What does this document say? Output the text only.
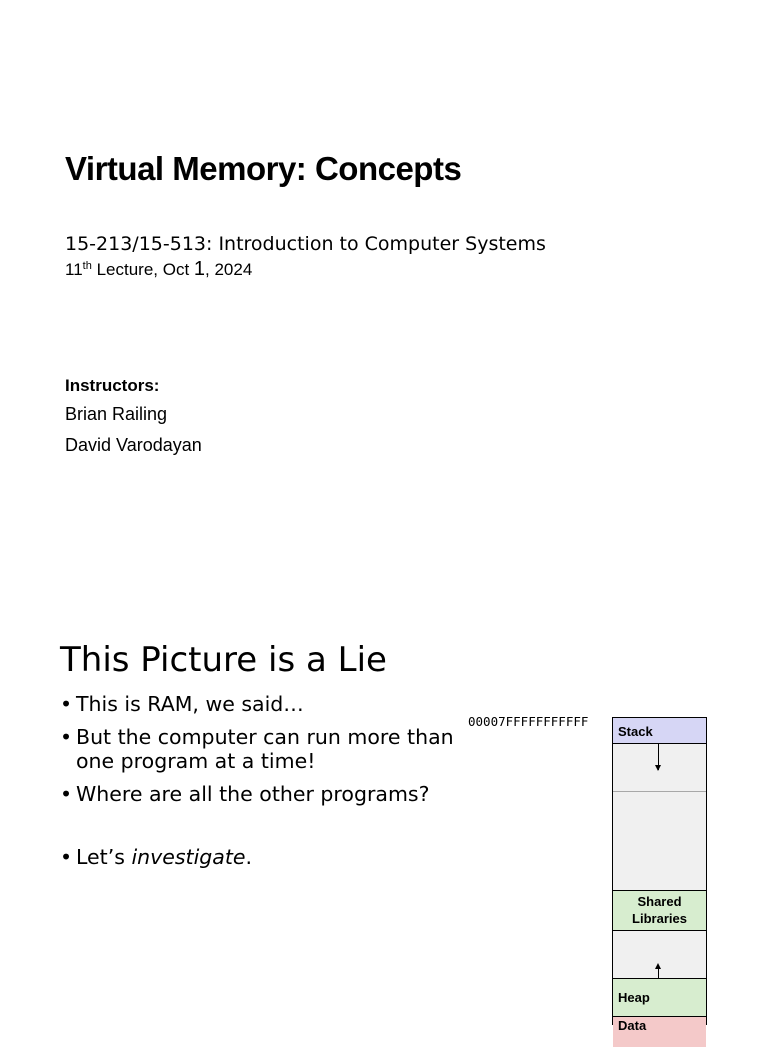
Virtual Memory: Concepts
15-213/15-513: Introduction to Computer Systems
11th Lecture, Oct 1, 2024
Instructors:
Brian Railing
David Varodayan
This Picture is a Lie
• This is RAM, we said…
• But the computer can run more than one program at a time!
• Where are all the other programs?
• Let’s investigate.
00007FFFFFFFFFFF
Stack
Shared
Libraries
Heap
Data
